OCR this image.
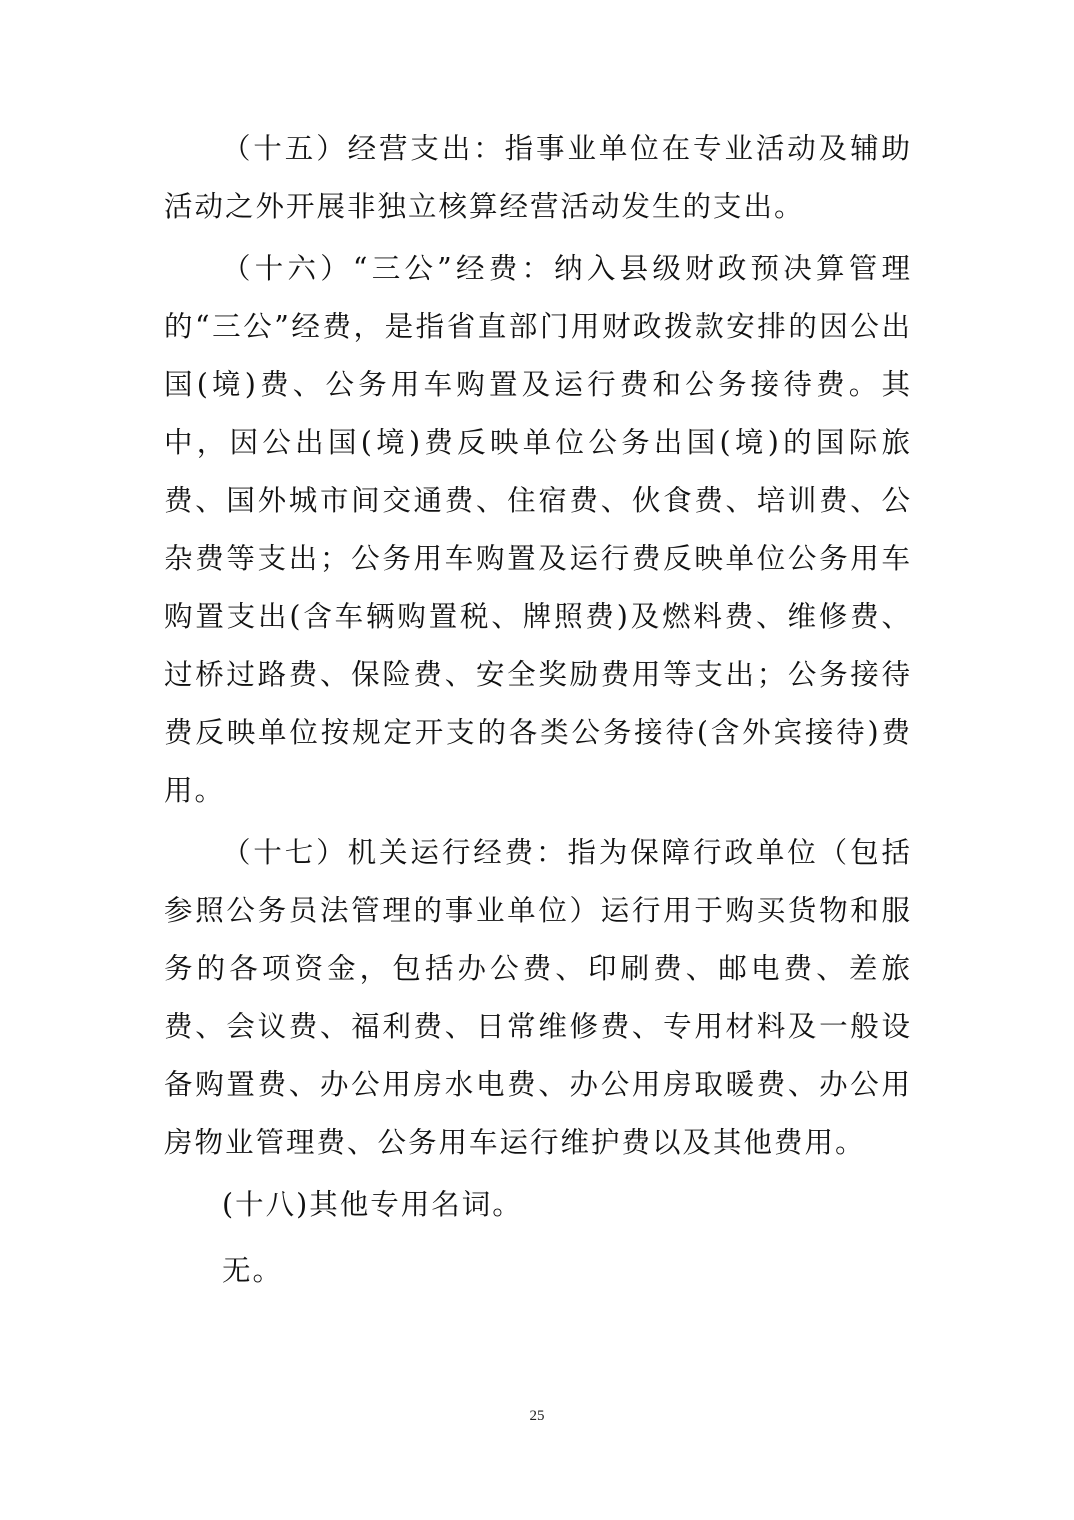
（十五）经营支出：指事业单位在专业活动及辅助活动之外开展非独立核算经营活动发生的支出。

（十六）“三公”经费：纳入县级财政预决算管理的“三公”经费，是指省直部门用财政拨款安排的因公出国(境)费、公务用车购置及运行费和公务接待费。其中，因公出国(境)费反映单位公务出国(境)的国际旅费、国外城市间交通费、住宿费、伙食费、培训费、公杂费等支出；公务用车购置及运行费反映单位公务用车购置支出(含车辆购置税、牌照费)及燃料费、维修费、过桥过路费、保险费、安全奖励费用等支出；公务接待费反映单位按规定开支的各类公务接待(含外宾接待)费用。

（十七）机关运行经费：指为保障行政单位（包括参照公务员法管理的事业单位）运行用于购买货物和服务的各项资金，包括办公费、印刷费、邮电费、差旅费、会议费、福利费、日常维修费、专用材料及一般设备购置费、办公用房水电费、办公用房取暖费、办公用房物业管理费、公务用车运行维护费以及其他费用。

(十八)其他专用名词。

无。

25
